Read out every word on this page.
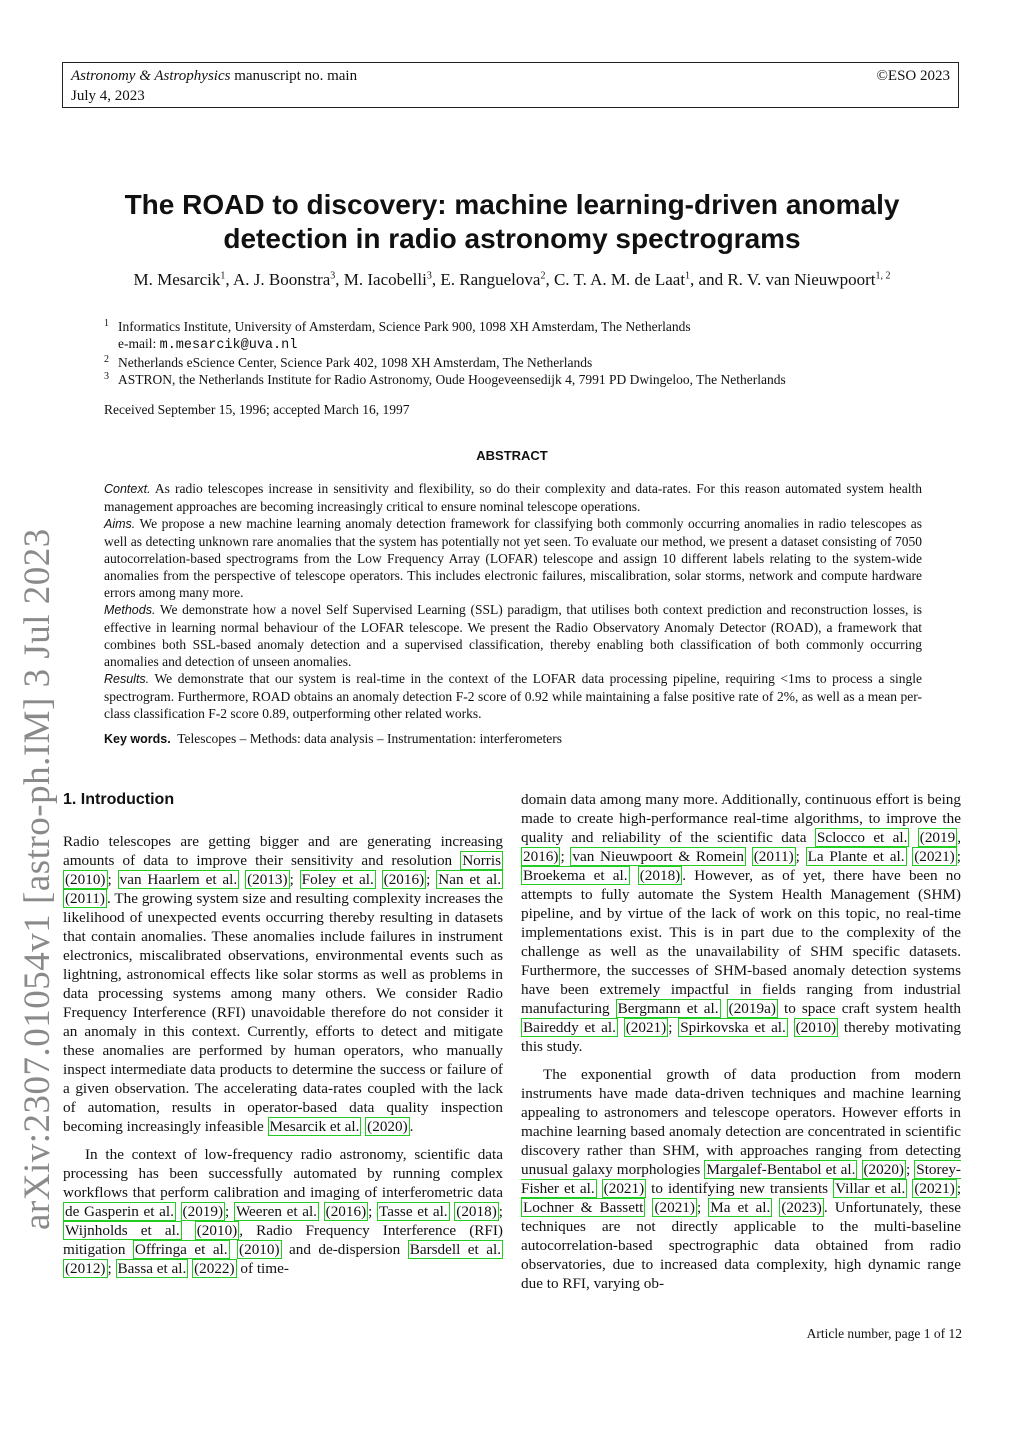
Astronomy & Astrophysics manuscript no. main
July 4, 2023
©ESO 2023
arXiv:2307.01054v1 [astro-ph.IM] 3 Jul 2023
The ROAD to discovery: machine learning-driven anomaly detection in radio astronomy spectrograms
M. Mesarcik$^1$, A. J. Boonstra$^3$, M. Iacobelli$^3$, E. Ranguelova$^2$, C. T. A. M. de Laat$^1$, and R. V. van Nieuwpoort$^{1, 2}$
1 Informatics Institute, University of Amsterdam, Science Park 900, 1098 XH Amsterdam, The Netherlands
e-mail: m.mesarcik@uva.nl
2 Netherlands eScience Center, Science Park 402, 1098 XH Amsterdam, The Netherlands
3 ASTRON, the Netherlands Institute for Radio Astronomy, Oude Hoogeveensedijk 4, 7991 PD Dwingeloo, The Netherlands
Received September 15, 1996; accepted March 16, 1997
ABSTRACT

Context. As radio telescopes increase in sensitivity and flexibility, so do their complexity and data-rates. For this reason automated system health management approaches are becoming increasingly critical to ensure nominal telescope operations.

Aims. We propose a new machine learning anomaly detection framework for classifying both commonly occurring anomalies in radio telescopes as well as detecting unknown rare anomalies that the system has potentially not yet seen. To evaluate our method, we present a dataset consisting of 7050 autocorrelation-based spectrograms from the Low Frequency Array (LOFAR) telescope and assign 10 different labels relating to the system-wide anomalies from the perspective of telescope operators. This includes electronic failures, miscalibration, solar storms, network and compute hardware errors among many more.

Methods. We demonstrate how a novel Self Supervised Learning (SSL) paradigm, that utilises both context prediction and reconstruction losses, is effective in learning normal behaviour of the LOFAR telescope. We present the Radio Observatory Anomaly Detector (ROAD), a framework that combines both SSL-based anomaly detection and a supervised classification, thereby enabling both classification of both commonly occurring anomalies and detection of unseen anomalies.

Results. We demonstrate that our system is real-time in the context of the LOFAR data processing pipeline, requiring <1ms to process a single spectrogram. Furthermore, ROAD obtains an anomaly detection F-2 score of 0.92 while maintaining a false positive rate of 2%, as well as a mean per-class classification F-2 score 0.89, outperforming other related works.

Key words. Telescopes – Methods: data analysis – Instrumentation: interferometers
1. Introduction

Radio telescopes are getting bigger and are generating increasing amounts of data to improve their sensitivity and resolution Norris (2010) ; van Haarlem et al. (2013) ; Foley et al. (2016) ; Nan et al. (2011) . The growing system size and resulting complexity increases the likelihood of unexpected events occurring thereby resulting in datasets that contain anomalies. These anomalies include failures in instrument electronics, miscalibrated observations, environmental events such as lightning, astronomical effects like solar storms as well as problems in data processing systems among many others. We consider Radio Frequency Interference (RFI) unavoidable therefore do not consider it an anomaly in this context. Currently, efforts to detect and mitigate these anomalies are performed by human operators, who manually inspect intermediate data products to determine the success or failure of a given observation. The accelerating data-rates coupled with the lack of automation, results in operator-based data quality inspection becoming increasingly infeasible Mesarcik et al. (2020) .

In the context of low-frequency radio astronomy, scientific data processing has been successfully automated by running complex workflows that perform calibration and imaging of interferometric data de Gasperin et al. (2019) ; Weeren et al. (2016) ; Tasse et al. (2018) ; Wijnholds et al. (2010) , Radio Frequency Interference (RFI) mitigation Offringa et al. (2010) and de-dispersion Barsdell et al. (2012) ; Bassa et al. (2022) of time-

domain data among many more. Additionally, continuous effort is being made to create high-performance real-time algorithms, to improve the quality and reliability of the scientific data Sclocco et al. (2019 , 2016) ; van Nieuwpoort & Romein (2011) ; La Plante et al. (2021) ; Broekema et al. (2018) . However, as of yet, there have been no attempts to fully automate the System Health Management (SHM) pipeline, and by virtue of the lack of work on this topic, no real-time implementations exist. This is in part due to the complexity of the challenge as well as the unavailability of SHM specific datasets. Furthermore, the successes of SHM-based anomaly detection systems have been extremely impactful in fields ranging from industrial manufacturing Bergmann et al. (2019a) to space craft system health Baireddy et al. (2021) ; Spirkovska et al. (2010) thereby motivating this study.

The exponential growth of data production from modern instruments have made data-driven techniques and machine learning appealing to astronomers and telescope operators. However efforts in machine learning based anomaly detection are concentrated in scientific discovery rather than SHM, with approaches ranging from detecting unusual galaxy morphologies Margalef-Bentabol et al. (2020) ; Storey-Fisher et al. (2021) to identifying new transients Villar et al. (2021) ; Lochner & Bassett (2021) ; Ma et al. (2023) . Unfortunately, these techniques are not directly applicable to the multi-baseline autocorrelation-based spectrographic data obtained from radio observatories, due to increased data complexity, high dynamic range due to RFI, varying ob-

Article number, page 1 of 12
